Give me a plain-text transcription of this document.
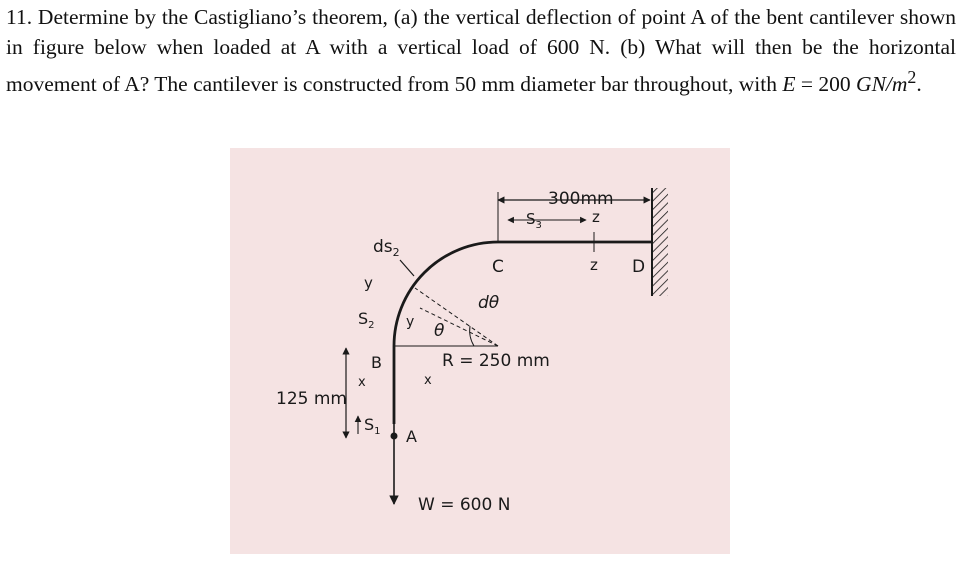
11. Determine by the Castigliano’s theorem, (a) the vertical deflection of point A of the bent cantilever shown in figure below when loaded at A with a vertical load of 600 N. (b) What will then be the horizontal movement of A? The cantilever is constructed from 50 mm diameter bar throughout, with E = 200 $GN/m^2$.

300mm
$S_3$	z
z
C	D
$ds_2$
y
y
$S_2$
dθ
θ
B	R = 250 mm
x	x
125 mm
$S_1$ A
W = 600 N
